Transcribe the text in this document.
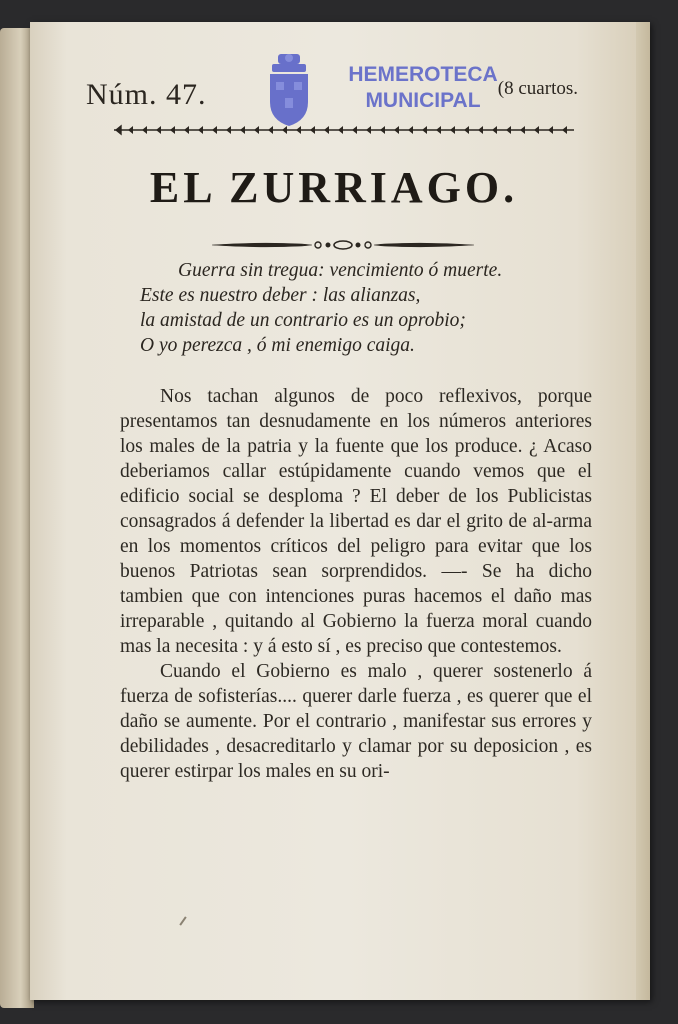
Núm. 47.
HEMEROTECA
MUNICIPAL
(8 cuartos.
EL ZURRIAGO.
Guerra sin tregua: vencimiento ó muerte.
Este es nuestro deber : las alianzas,
la amistad de un contrario es un oprobio;
O yo perezca , ó mi enemigo caiga.

Nos tachan algunos de poco reflexivos, porque presentamos tan desnudamente en los números anteriores los males de la patria y la fuente que los produce. ¿ Acaso deberiamos callar estúpidamente cuando vemos que el edificio social se desploma ? El deber de los Publicistas consagrados á defender la libertad es dar el grito de al-arma en los momentos críticos del peligro para evitar que los buenos Patriotas sean sorprendidos. —- Se ha dicho tambien que con intenciones puras hacemos el daño mas irreparable , quitando al Gobierno la fuerza moral cuando mas la necesita : y á esto sí , es preciso que contestemos.

Cuando el Gobierno es malo , querer sostenerlo á fuerza de sofisterías.... querer darle fuerza , es querer que el daño se aumente. Por el contrario , manifestar sus errores y debilidades , desacreditarlo y clamar por su deposicion , es querer estirpar los males en su ori-
